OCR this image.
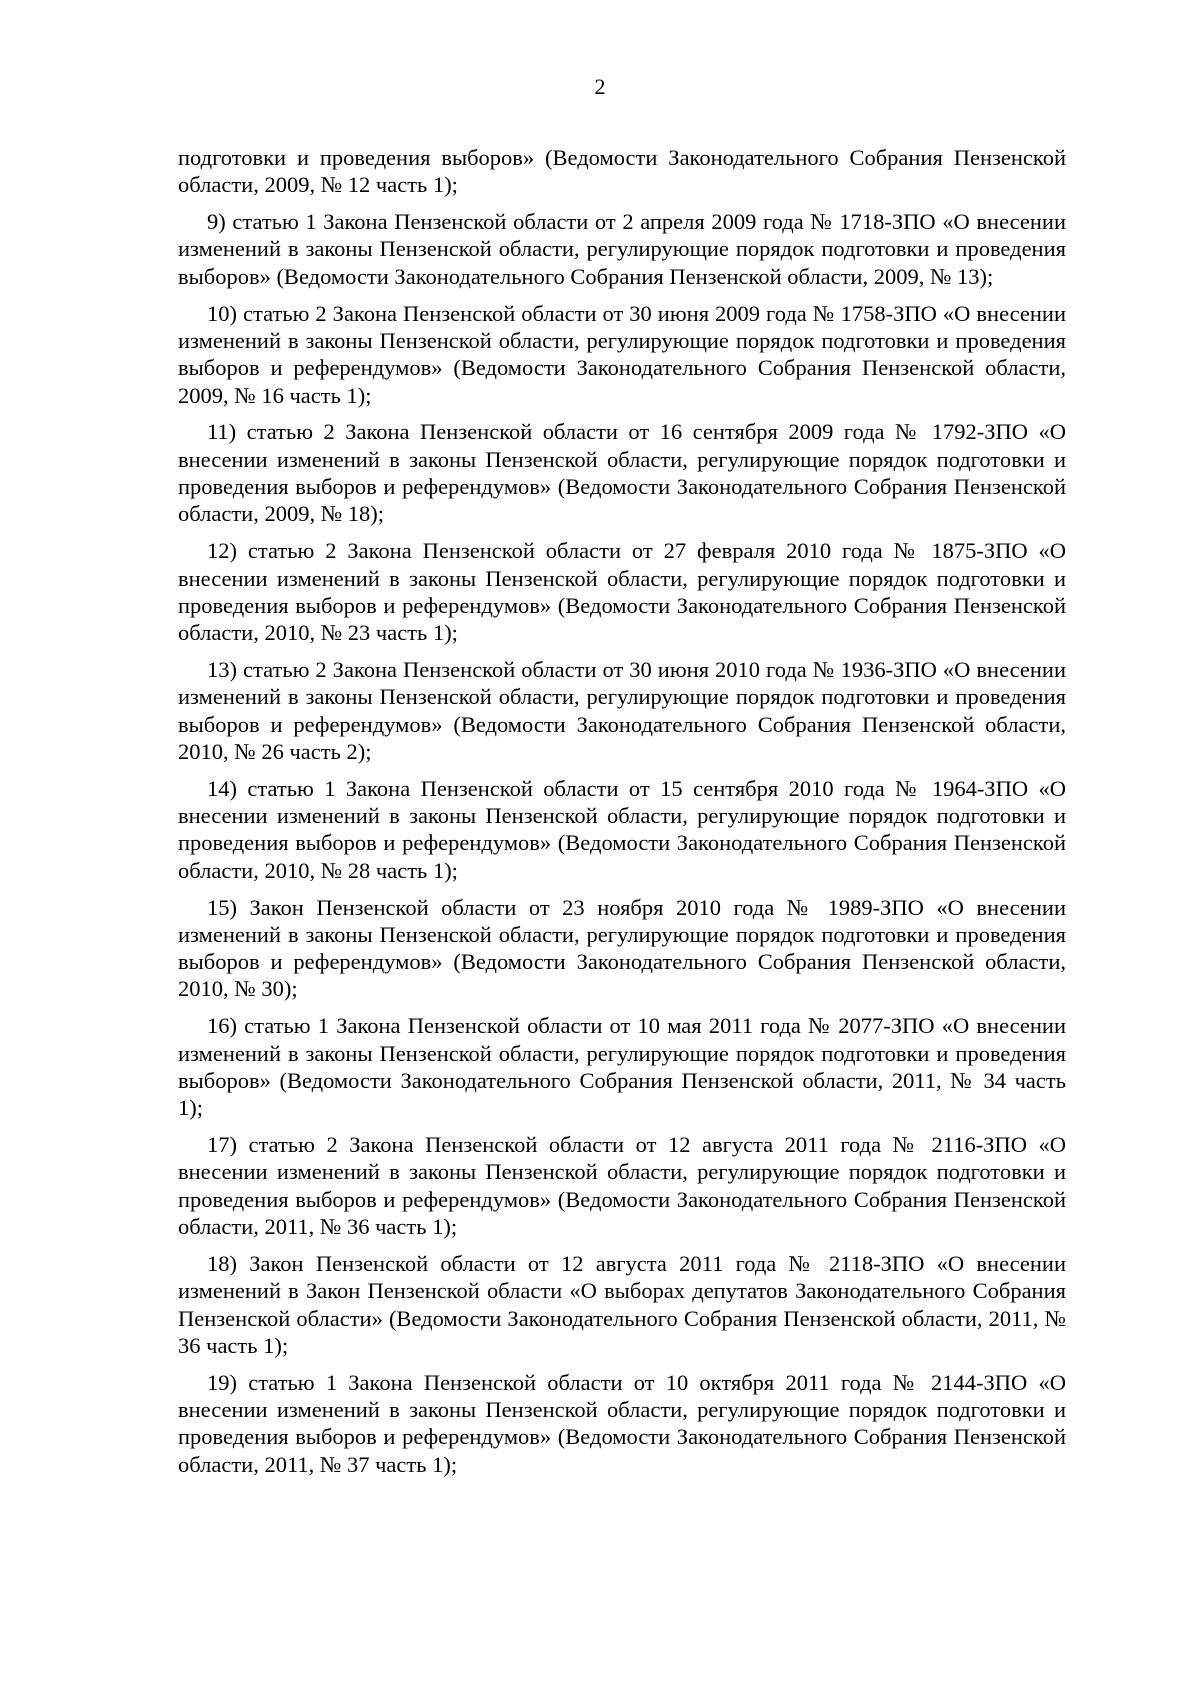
2

подготовки и проведения выборов» (Ведомости Законодательного Собрания Пензенской области, 2009, № 12 часть 1);

9) статью 1 Закона Пензенской области от 2 апреля 2009 года № 1718-ЗПО «О внесении изменений в законы Пензенской области, регулирующие порядок подготовки и проведения выборов» (Ведомости Законодательного Собрания Пензенской области, 2009, № 13);

10) статью 2 Закона Пензенской области от 30 июня 2009 года № 1758-ЗПО «О внесении изменений в законы Пензенской области, регулирующие порядок подготовки и проведения выборов и референдумов» (Ведомости Законодательного Собрания Пензенской области, 2009, № 16 часть 1);

11) статью 2 Закона Пензенской области от 16 сентября 2009 года № 1792-ЗПО «О внесении изменений в законы Пензенской области, регулирующие порядок подготовки и проведения выборов и референдумов» (Ведомости Законодательного Собрания Пензенской области, 2009, № 18);

12) статью 2 Закона Пензенской области от 27 февраля 2010 года № 1875-ЗПО «О внесении изменений в законы Пензенской области, регулирующие порядок подготовки и проведения выборов и референдумов» (Ведомости Законодательного Собрания Пензенской области, 2010, № 23 часть 1);

13) статью 2 Закона Пензенской области от 30 июня 2010 года № 1936-ЗПО «О внесении изменений в законы Пензенской области, регулирующие порядок подготовки и проведения выборов и референдумов» (Ведомости Законодательного Собрания Пензенской области, 2010, № 26 часть 2);

14) статью 1 Закона Пензенской области от 15 сентября 2010 года № 1964-ЗПО «О внесении изменений в законы Пензенской области, регулирующие порядок подготовки и проведения выборов и референдумов» (Ведомости Законодательного Собрания Пензенской области, 2010, № 28 часть 1);

15) Закон Пензенской области от 23 ноября 2010 года № 1989-ЗПО «О внесении изменений в законы Пензенской области, регулирующие порядок подготовки и проведения выборов и референдумов» (Ведомости Законодательного Собрания Пензенской области, 2010, № 30);

16) статью 1 Закона Пензенской области от 10 мая 2011 года № 2077-ЗПО «О внесении изменений в законы Пензенской области, регулирующие порядок подготовки и проведения выборов» (Ведомости Законодательного Собрания Пензенской области, 2011, № 34 часть 1);

17) статью 2 Закона Пензенской области от 12 августа 2011 года № 2116-ЗПО «О внесении изменений в законы Пензенской области, регулирующие порядок подготовки и проведения выборов и референдумов» (Ведомости Законодательного Собрания Пензенской области, 2011, № 36 часть 1);

18) Закон Пензенской области от 12 августа 2011 года № 2118-ЗПО «О внесении изменений в Закон Пензенской области «О выборах депутатов Законодательного Собрания Пензенской области» (Ведомости Законодательного Собрания Пензенской области, 2011, № 36 часть 1);

19) статью 1 Закона Пензенской области от 10 октября 2011 года № 2144-ЗПО «О внесении изменений в законы Пензенской области, регулирующие порядок подготовки и проведения выборов и референдумов» (Ведомости Законодательного Собрания Пензенской области, 2011, № 37 часть 1);
